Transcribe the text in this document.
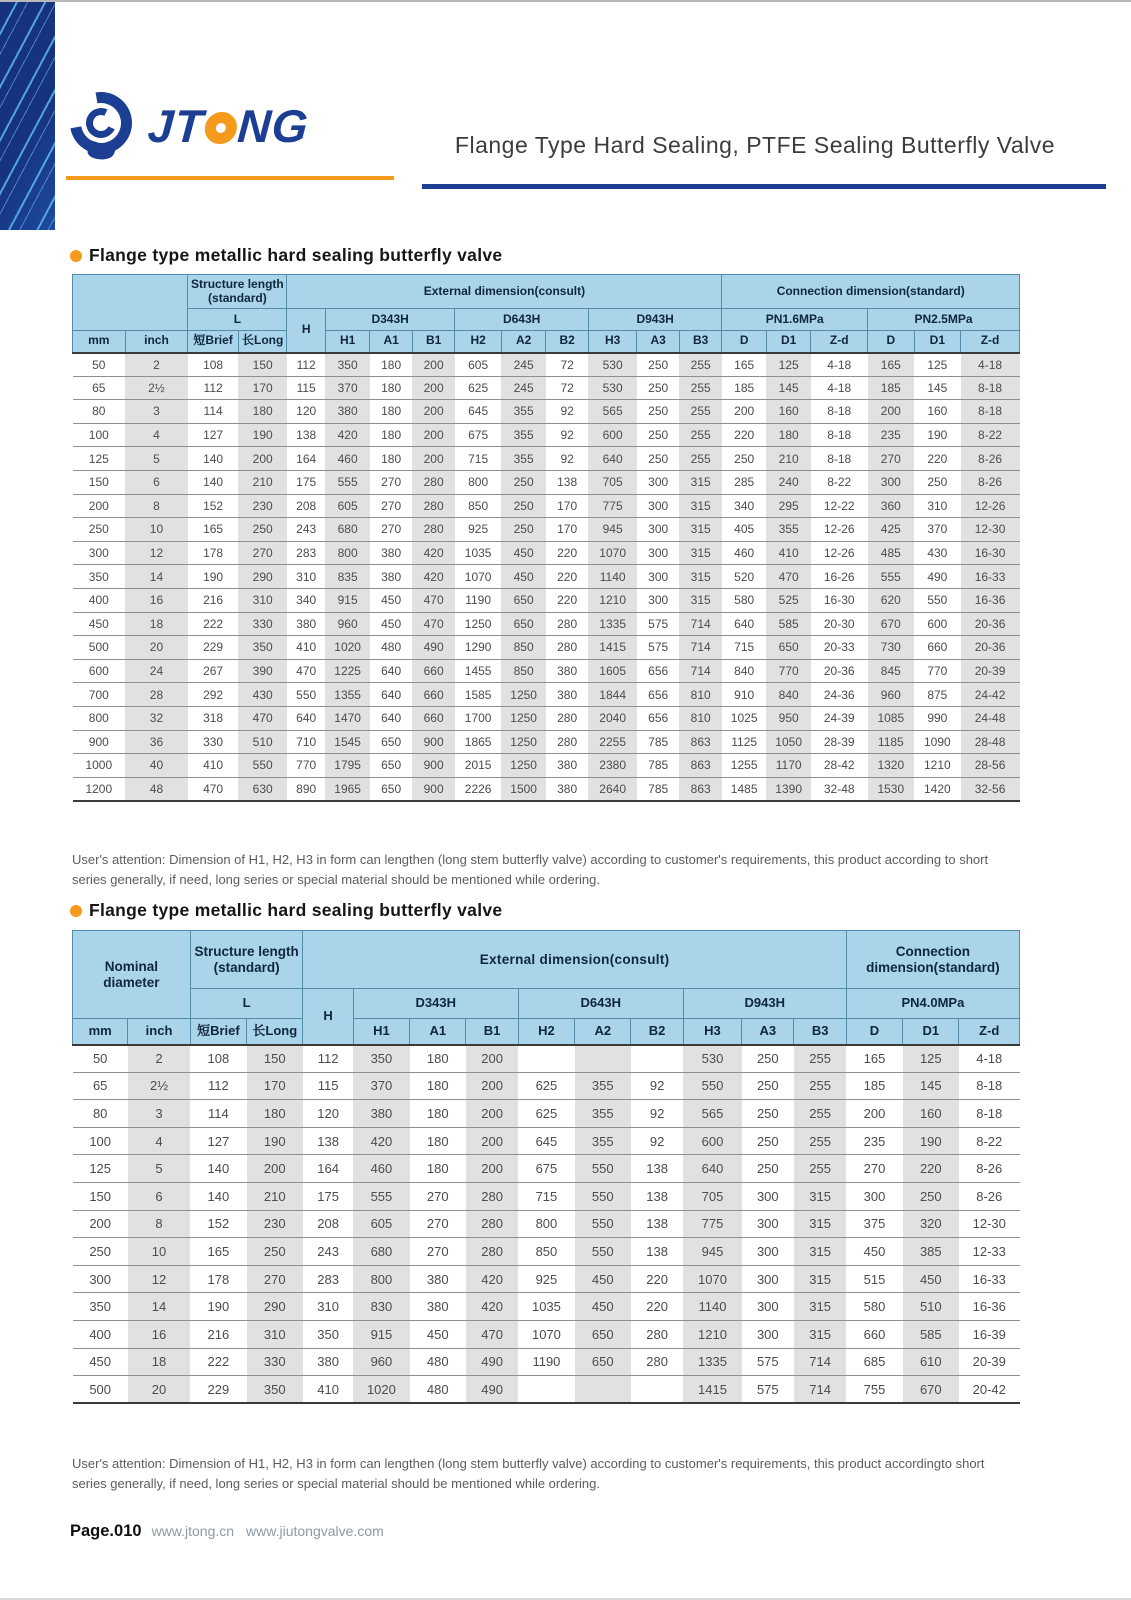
JT NG	Flange Type Hard Sealing, PTFE Sealing Butterfly Valve
Flange type metallic hard sealing butterfly valve
		Structure length
(standard)		External dimension(consult)										Connection dimension(standard)					
		L		H	D343H			D643H			D943H			PN1.6MPa			PN2.5MPa		
mm	inch	短Brief	长Long		H1	A1	B1	H2	A2	B2	H3	A3	B3	D	D1	Z-d	D	D1	Z-d
50	2	108	150	112	350	180	200	605	245	72	530	250	255	165	125	4-18	165	125	4-18
65	2½	112	170	115	370	180	200	625	245	72	530	250	255	185	145	4-18	185	145	8-18
80	3	114	180	120	380	180	200	645	355	92	565	250	255	200	160	8-18	200	160	8-18
100	4	127	190	138	420	180	200	675	355	92	600	250	255	220	180	8-18	235	190	8-22
125	5	140	200	164	460	180	200	715	355	92	640	250	255	250	210	8-18	270	220	8-26
150	6	140	210	175	555	270	280	800	250	138	705	300	315	285	240	8-22	300	250	8-26
200	8	152	230	208	605	270	280	850	250	170	775	300	315	340	295	12-22	360	310	12-26
250	10	165	250	243	680	270	280	925	250	170	945	300	315	405	355	12-26	425	370	12-30
300	12	178	270	283	800	380	420	1035	450	220	1070	300	315	460	410	12-26	485	430	16-30
350	14	190	290	310	835	380	420	1070	450	220	1140	300	315	520	470	16-26	555	490	16-33
400	16	216	310	340	915	450	470	1190	650	220	1210	300	315	580	525	16-30	620	550	16-36
450	18	222	330	380	960	450	470	1250	650	280	1335	575	714	640	585	20-30	670	600	20-36
500	20	229	350	410	1020	480	490	1290	850	280	1415	575	714	715	650	20-33	730	660	20-36
600	24	267	390	470	1225	640	660	1455	850	380	1605	656	714	840	770	20-36	845	770	20-39
700	28	292	430	550	1355	640	660	1585	1250	380	1844	656	810	910	840	24-36	960	875	24-42
800	32	318	470	640	1470	640	660	1700	1250	280	2040	656	810	1025	950	24-39	1085	990	24-48
900	36	330	510	710	1545	650	900	1865	1250	280	2255	785	863	1125	1050	28-39	1185	1090	28-48
1000	40	410	550	770	1795	650	900	2015	1250	380	2380	785	863	1255	1170	28-42	1320	1210	28-56
1200	48	470	630	890	1965	650	900	2226	1500	380	2640	785	863	1485	1390	32-48	1530	1420	32-56

User's attention: Dimension of H1, H2, H3 in form can lengthen (long stem butterfly valve) according to customer's requirements, this product according to short series generally, if need, long series or special material should be mentioned while ordering.

Flange type metallic hard sealing butterfly valve
Nominal
diameter		Structure length
(standard)		External dimension(consult)										Connection
dimension(standard)		
		L		H	D343H			D643H			D943H			PN4.0MPa		
mm	inch	短Brief	长Long		H1	A1	B1	H2	A2	B2	H3	A3	B3	D	D1	Z-d
50	2	108	150	112	350	180	200				530	250	255	165	125	4-18
65	2½	112	170	115	370	180	200	625	355	92	550	250	255	185	145	8-18
80	3	114	180	120	380	180	200	625	355	92	565	250	255	200	160	8-18
100	4	127	190	138	420	180	200	645	355	92	600	250	255	235	190	8-22
125	5	140	200	164	460	180	200	675	550	138	640	250	255	270	220	8-26
150	6	140	210	175	555	270	280	715	550	138	705	300	315	300	250	8-26
200	8	152	230	208	605	270	280	800	550	138	775	300	315	375	320	12-30
250	10	165	250	243	680	270	280	850	550	138	945	300	315	450	385	12-33
300	12	178	270	283	800	380	420	925	450	220	1070	300	315	515	450	16-33
350	14	190	290	310	830	380	420	1035	450	220	1140	300	315	580	510	16-36
400	16	216	310	350	915	450	470	1070	650	280	1210	300	315	660	585	16-39
450	18	222	330	380	960	480	490	1190	650	280	1335	575	714	685	610	20-39
500	20	229	350	410	1020	480	490				1415	575	714	755	670	20-42

User's attention: Dimension of H1, H2, H3 in form can lengthen (long stem butterfly valve) according to customer's requirements, this product accordingto short series generally, if need, long series or special material should be mentioned while ordering.

Page.010 www.jtong.cn www.jiutongvalve.com
